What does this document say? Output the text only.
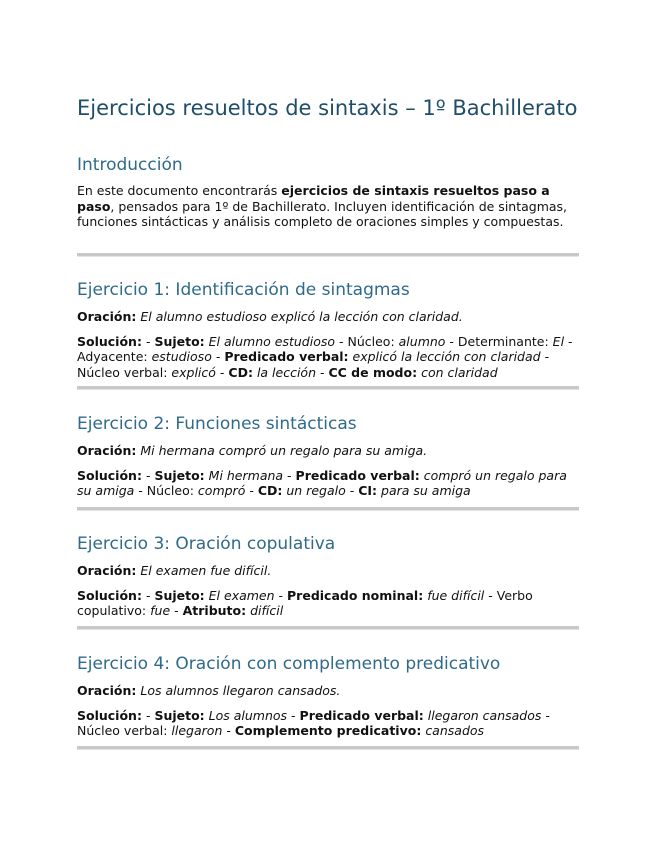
Ejercicios resueltos de sintaxis – 1º Bachillerato
Introducción

En este documento encontrarás ejercicios de sintaxis resueltos paso a paso, pensados para 1º de Bachillerato. Incluyen identificación de sintagmas, funciones sintácticas y análisis completo de oraciones simples y compuestas.

Ejercicio 1: Identificación de sintagmas

Oración: El alumno estudioso explicó la lección con claridad.

Solución: - Sujeto: El alumno estudioso - Núcleo: alumno - Determinante: El - Adyacente: estudioso - Predicado verbal: explicó la lección con claridad - Núcleo verbal: explicó - CD: la lección - CC de modo: con claridad

Ejercicio 2: Funciones sintácticas

Oración: Mi hermana compró un regalo para su amiga.

Solución: - Sujeto: Mi hermana - Predicado verbal: compró un regalo para su amiga - Núcleo: compró - CD: un regalo - CI: para su amiga

Ejercicio 3: Oración copulativa

Oración: El examen fue difícil.

Solución: - Sujeto: El examen - Predicado nominal: fue difícil - Verbo copulativo: fue - Atributo: difícil

Ejercicio 4: Oración con complemento predicativo

Oración: Los alumnos llegaron cansados.

Solución: - Sujeto: Los alumnos - Predicado verbal: llegaron cansados - Núcleo verbal: llegaron - Complemento predicativo: cansados
